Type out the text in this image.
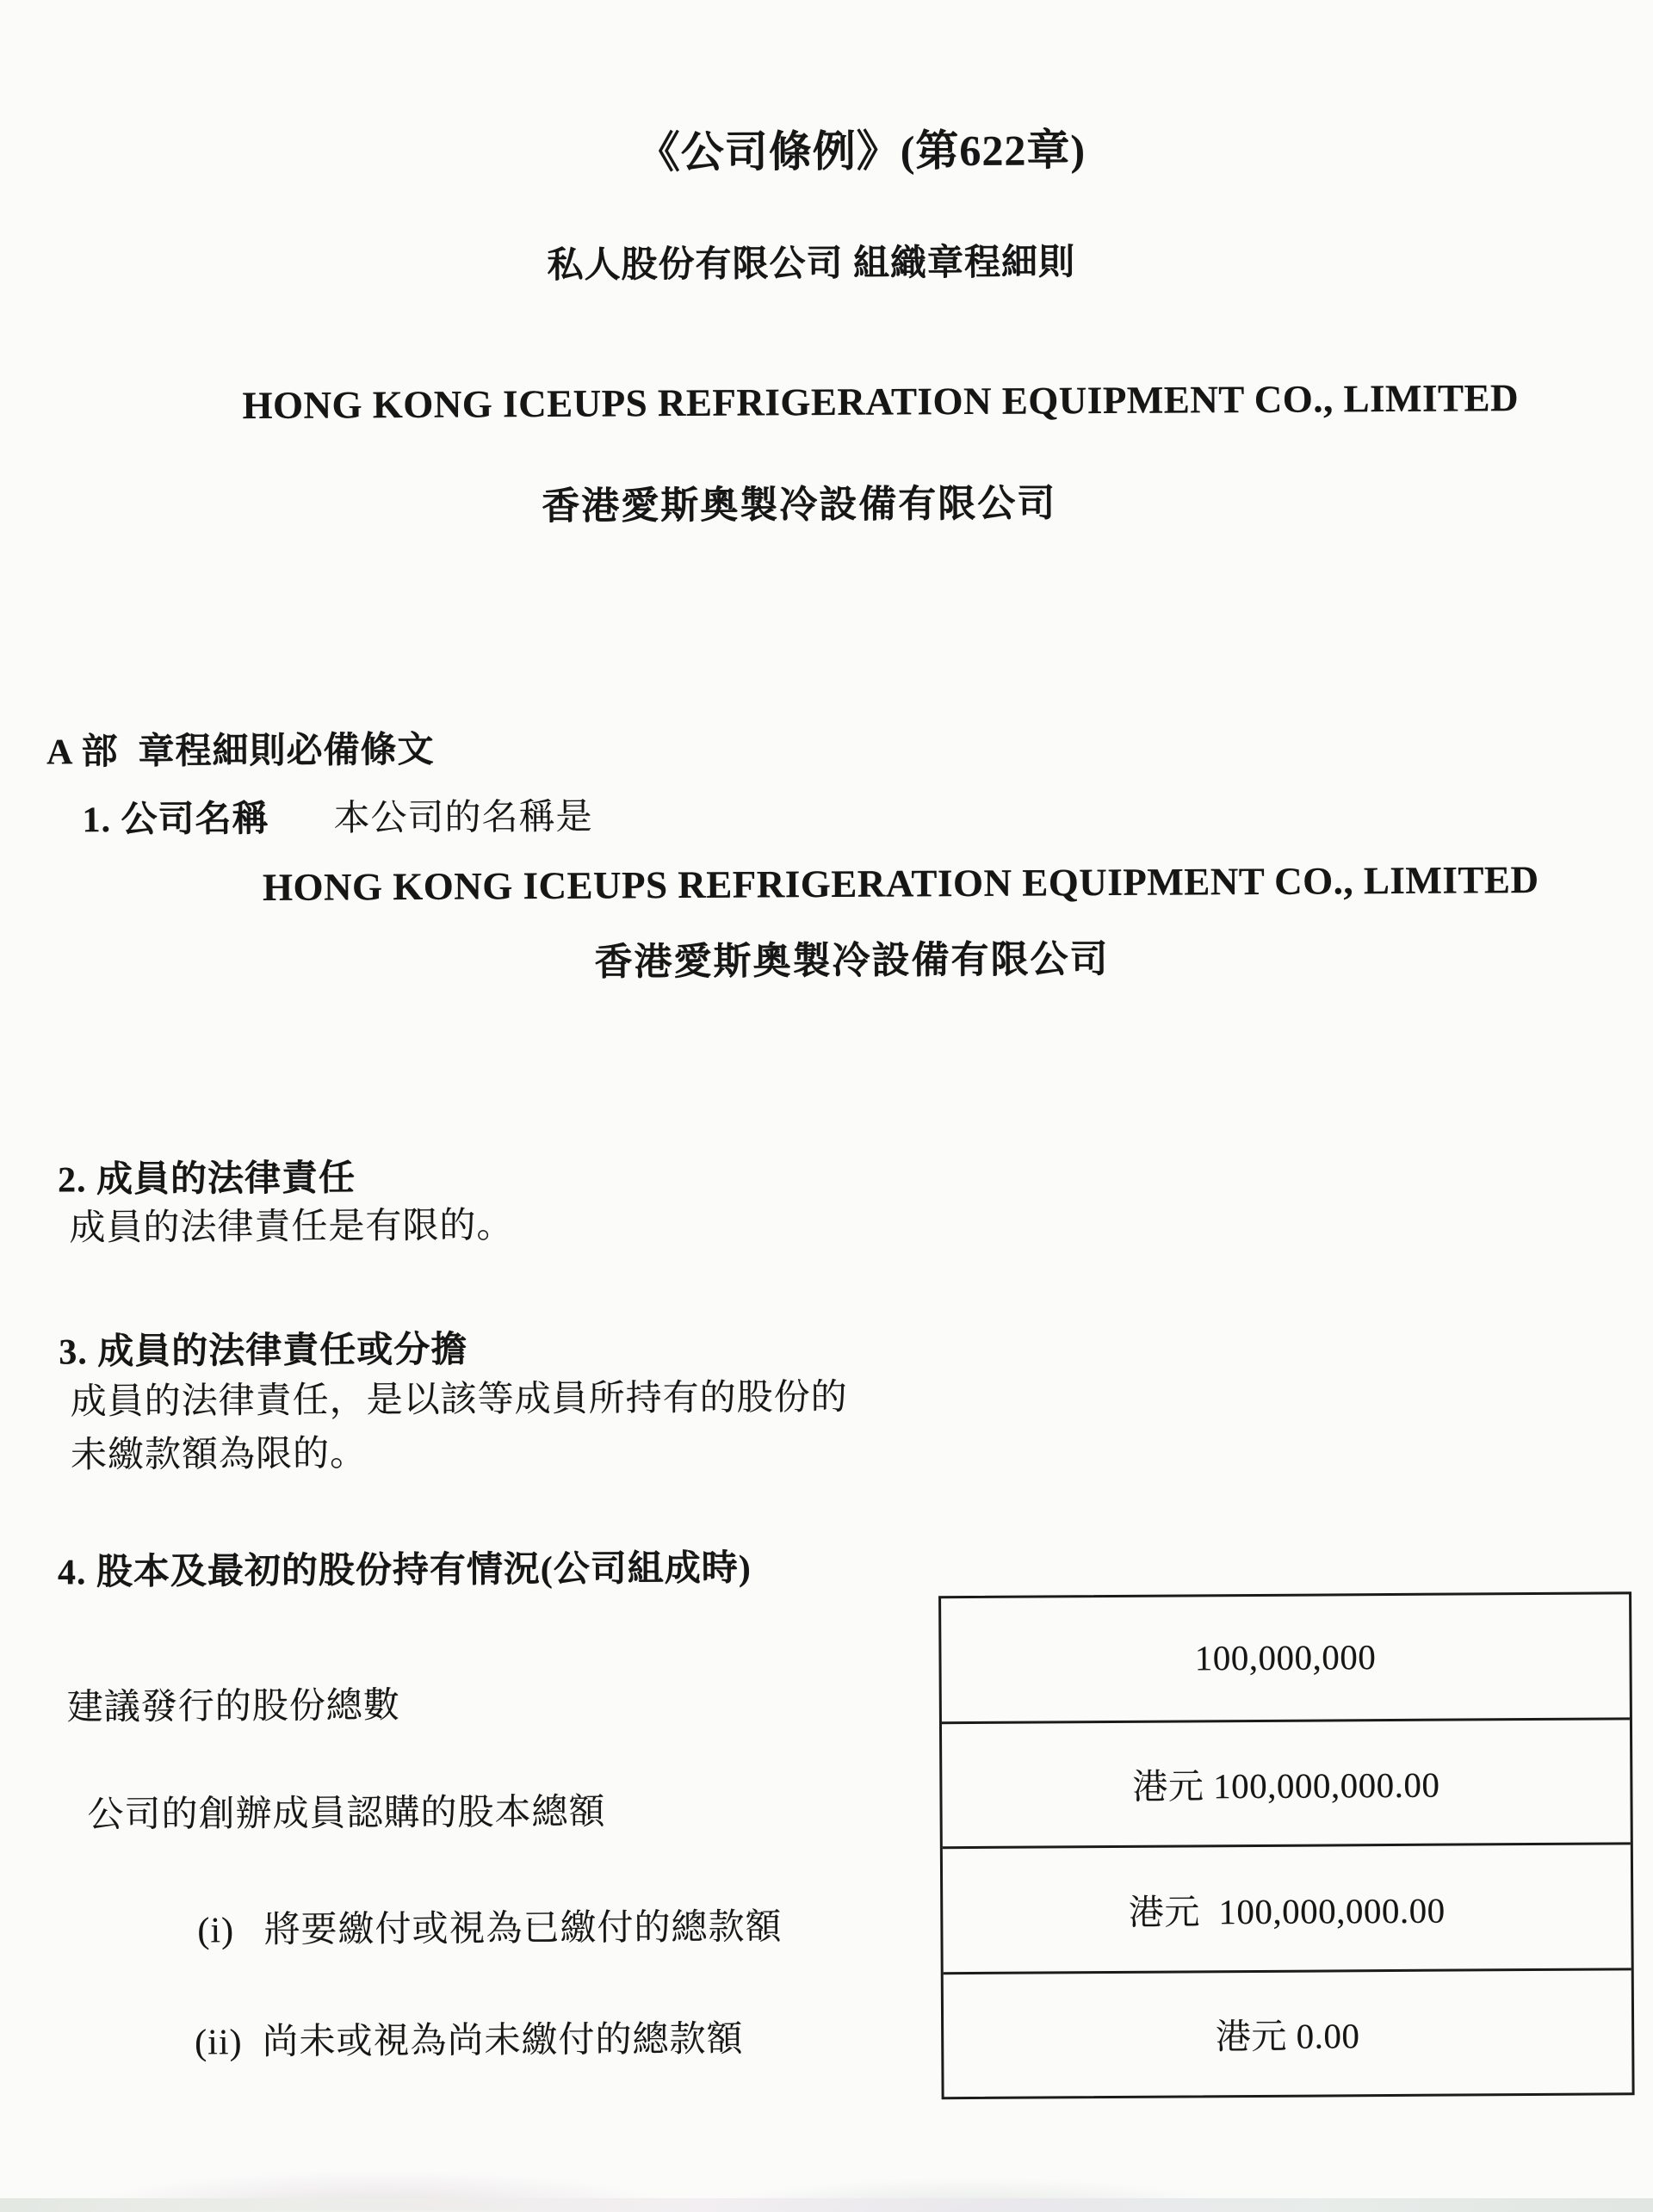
《公司條例》(第622章)
私人股份有限公司 組織章程細則
HONG KONG ICEUPS REFRIGERATION EQUIPMENT CO., LIMITED
香港愛斯奧製冷設備有限公司
A 部  章程細則必備條文

1. 公司名稱 本公司的名稱是

HONG KONG ICEUPS REFRIGERATION EQUIPMENT CO., LIMITED
香港愛斯奧製冷設備有限公司
2. 成員的法律責任
成員的法律責任是有限的。
3. 成員的法律責任或分擔
成員的法律責任，是以該等成員所持有的股份的
未繳款額為限的。
4. 股本及最初的股份持有情況(公司組成時)
建議發行的股份總數
公司的創辦成員認購的股本總額
(i)   將要繳付或視為已繳付的總款額
(ii)  尚未或視為尚未繳付的總款額
100,000,000
港元 100,000,000.00
港元  100,000,000.00
港元 0.00
